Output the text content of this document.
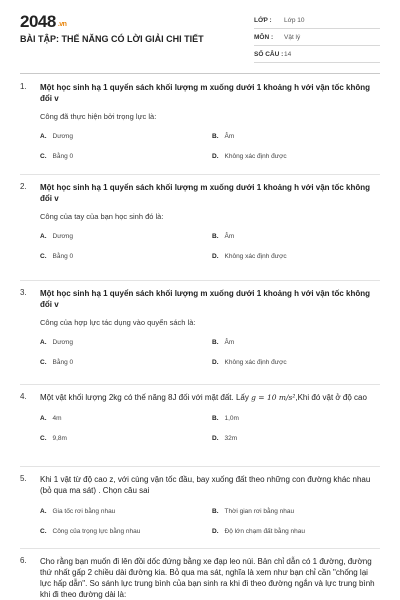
2048 .vn
BÀI TẬP: THẾ NĂNG CÓ LỜI GIẢI CHI TIẾT
LỚP : Lớp 10
MÔN : Vật lý
SỐ CÂU : 14
1. Một học sinh hạ 1 quyển sách khối lượng m xuống dưới 1 khoảng h với vận tốc không đổi v
Công đã thực hiện bởi trọng lực là:
A. Dương	B. Âm
C. Bằng 0	D. Không xác định được
2. Một học sinh hạ 1 quyển sách khối lượng m xuống dưới 1 khoảng h với vận tốc không đổi v
Công của tay của bạn học sinh đó là:
A. Dương	B. Âm
C. Bằng 0	D. Không xác định được
3. Một học sinh hạ 1 quyển sách khối lượng m xuống dưới 1 khoảng h với vận tốc không đổi v
Công của hợp lực tác dụng vào quyển sách là:
A. Dương	B. Âm
C. Bằng 0	D. Không xác định được
4. Một vật khối lượng 2kg có thế năng 8J đối với mặt đất. Lấy g = 10 m/s²,Khi đó vật ở độ cao
A. 4m	B. 1,0m
C. 9,8m	D. 32m
5. Khi 1 vật từ độ cao z, với cùng vận tốc đầu, bay xuống đất theo những con đường khác nhau (bỏ qua ma sát) . Chọn câu sai
A. Gia tốc rơi bằng nhau	B. Thời gian rơi bằng nhau
C. Công của trọng lực bằng nhau	D. Độ lớn chạm đất bằng nhau
6. Cho rằng bạn muốn đi lên đồi dốc đứng bằng xe đạp leo núi. Bản chỉ dẫn có 1 đường, đường thứ nhất gấp 2 chiều dài đường kia. Bỏ qua ma sát, nghĩa là xem như bạn chỉ cần "chống lại lực hấp dẫn". So sánh lực trung bình của bạn sinh ra khi đi theo đường ngắn và lực trung bình khi đi theo đường dài là:
